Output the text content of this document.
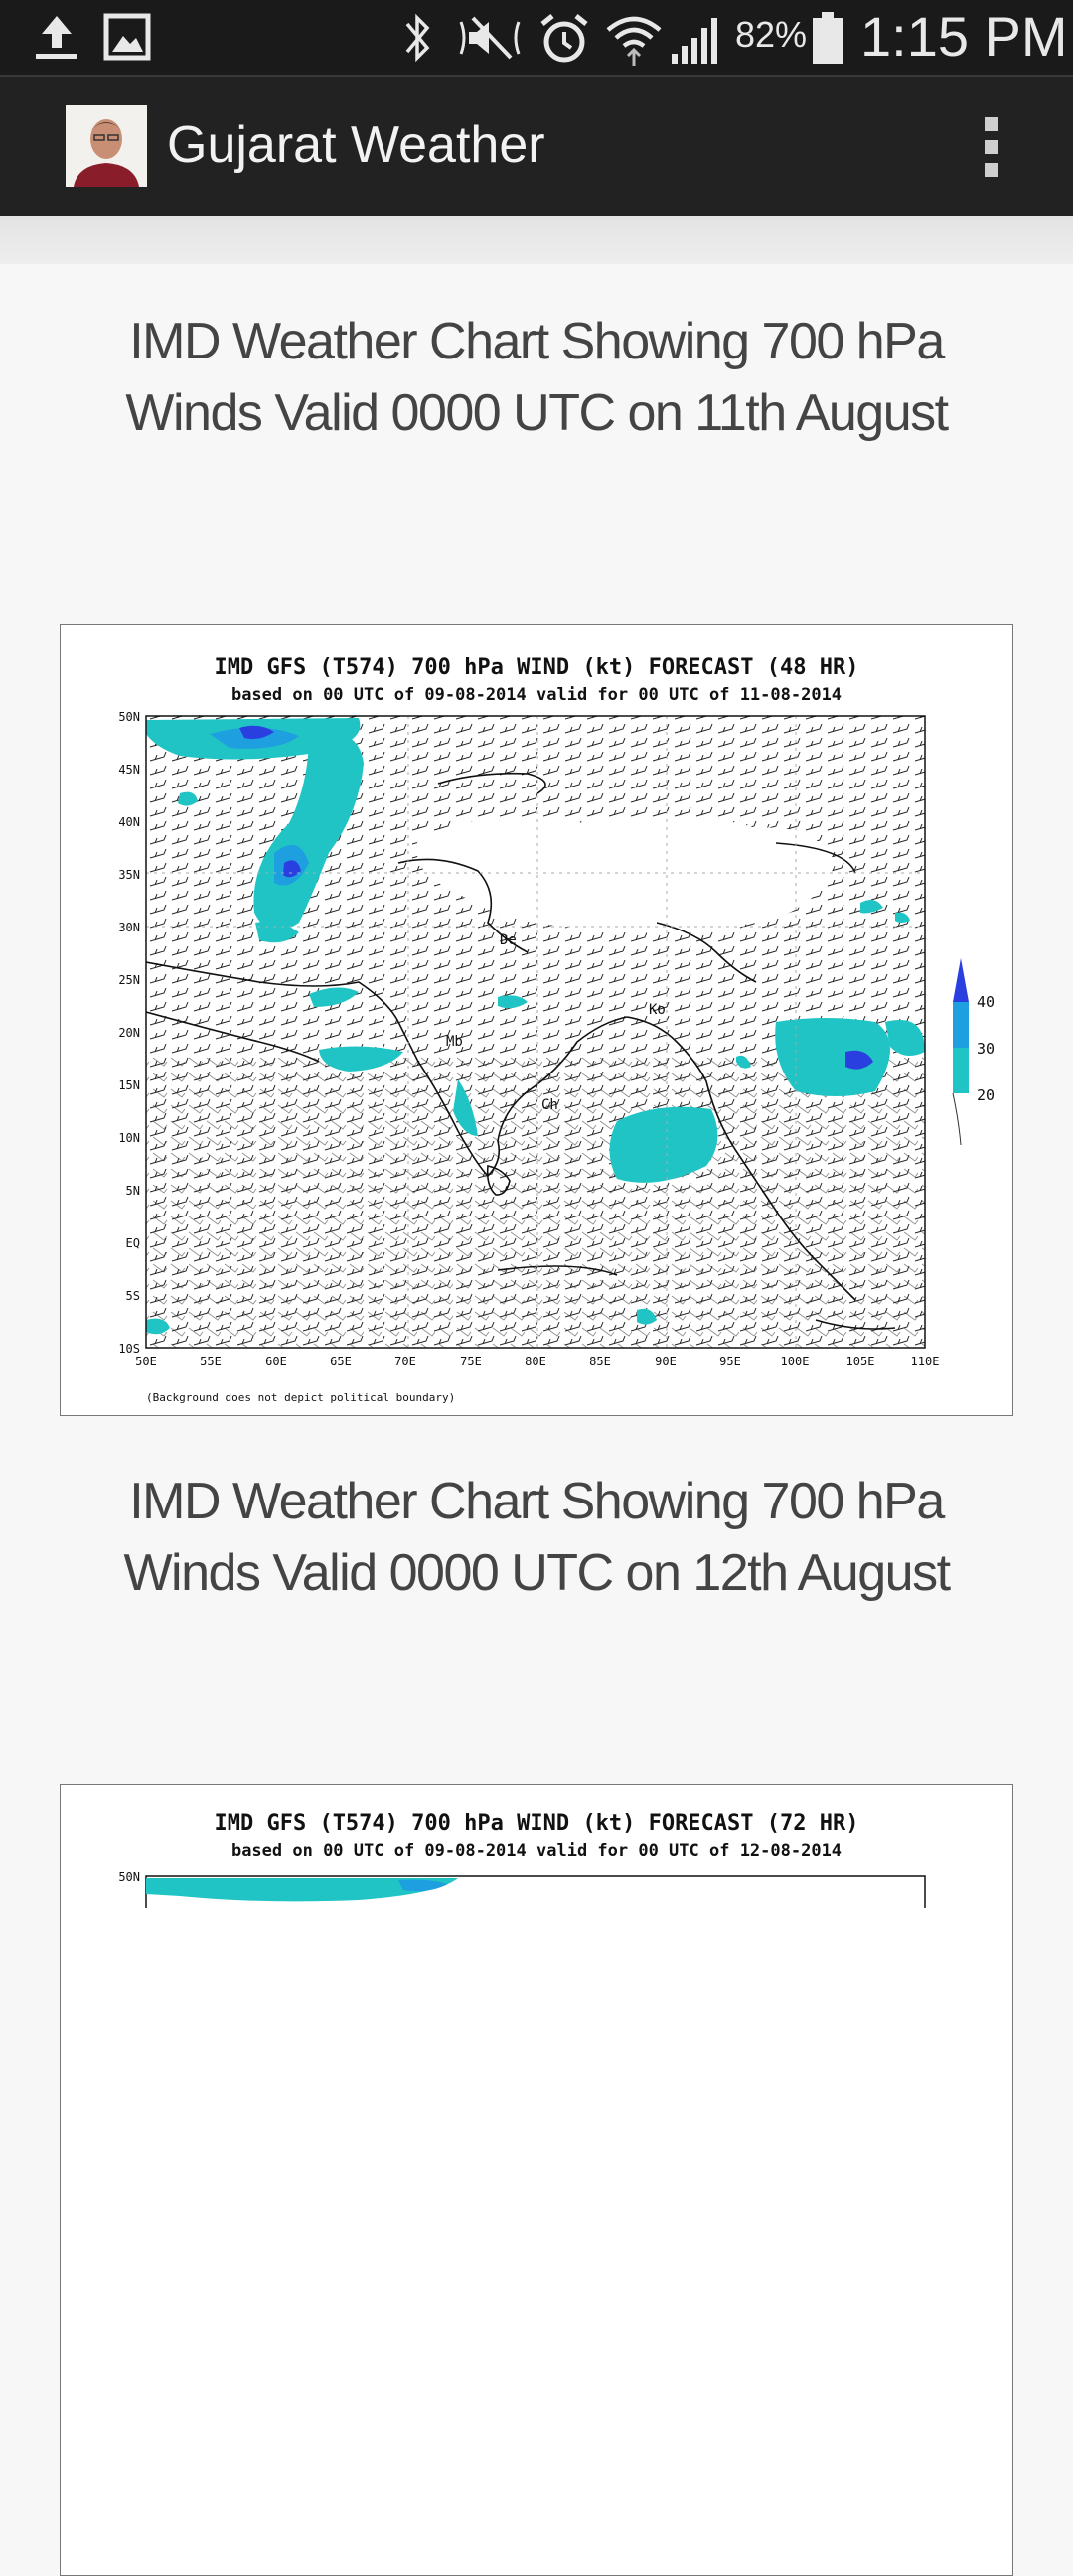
82% 1:15 PM
Gujarat Weather
IMD Weather Chart Showing 700 hPa
Winds Valid 0000 UTC on 11th August
IMD GFS (T574) 700 hPa WIND (kt) FORECAST (48 HR)
based on 00 UTC of 09-08-2014 valid for 00 UTC of 11-08-2014
De
Mb
Ko
Ch
50N
45N
40N
35N
30N
25N
20N
15N
10N
5N
EQ
5S
10S
50E	55E	60E	65E	70E	75E	80E	85E	90E	95E	100E	105E	110E
40
30
20
(Background does not depict political boundary)
IMD Weather Chart Showing 700 hPa
Winds Valid 0000 UTC on 12th August
IMD GFS (T574) 700 hPa WIND (kt) FORECAST (72 HR)
based on 00 UTC of 09-08-2014 valid for 00 UTC of 12-08-2014
50N
